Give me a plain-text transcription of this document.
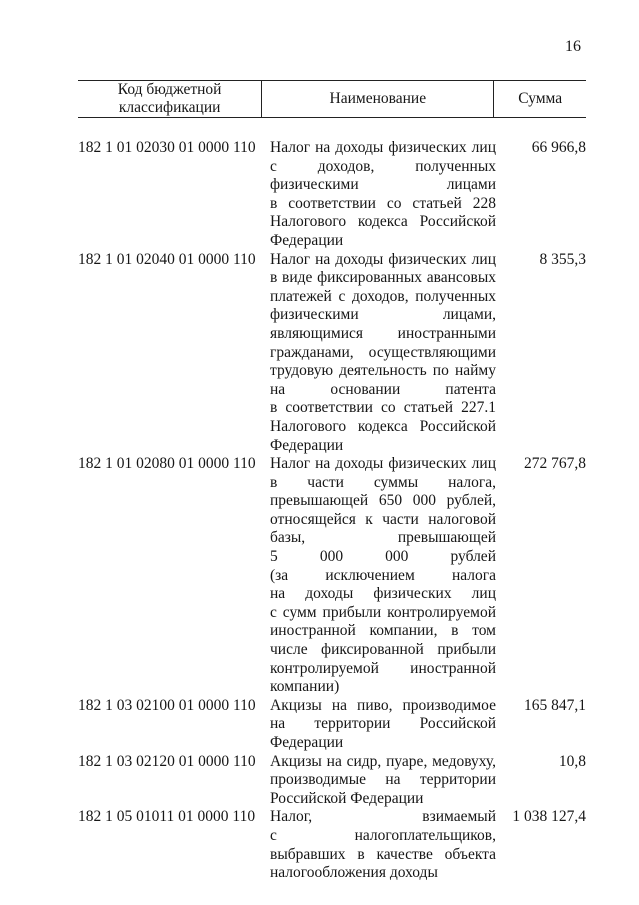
16
Код бюджетной классификации
Наименование	Сумма
182 1 01 02030 01 0000 110 Налог на доходы физических лиц
с доходов, полученных
физическими лицами
в соответствии со статьей 228
Налогового кодекса Российской
Федерации
66 966,8
182 1 01 02040 01 0000 110 Налог на доходы физических лиц
в виде фиксированных авансовых
платежей с доходов, полученных
физическими лицами,
являющимися иностранными
гражданами, осуществляющими
трудовую деятельность по найму
на основании патента
в соответствии со статьей 227.1
Налогового кодекса Российской
Федерации
8 355,3
182 1 01 02080 01 0000 110 Налог на доходы физических лиц
в части суммы налога,
превышающей 650 000 рублей,
относящейся к части налоговой
базы, превышающей
5 000 000 рублей
(за исключением налога
на доходы физических лиц
с сумм прибыли контролируемой
иностранной компании, в том
числе фиксированной прибыли
контролируемой иностранной
компании)
272 767,8
182 1 03 02100 01 0000 110 Акцизы на пиво, производимое
на территории Российской
Федерации
165 847,1
182 1 03 02120 01 0000 110 Акцизы на сидр, пуаре, медовуху,
производимые на территории
Российской Федерации
10,8
182 1 05 01011 01 0000 110 Налог, взимаемый
с налогоплательщиков,
выбравших в качестве объекта
налогообложения доходы
1 038 127,4
